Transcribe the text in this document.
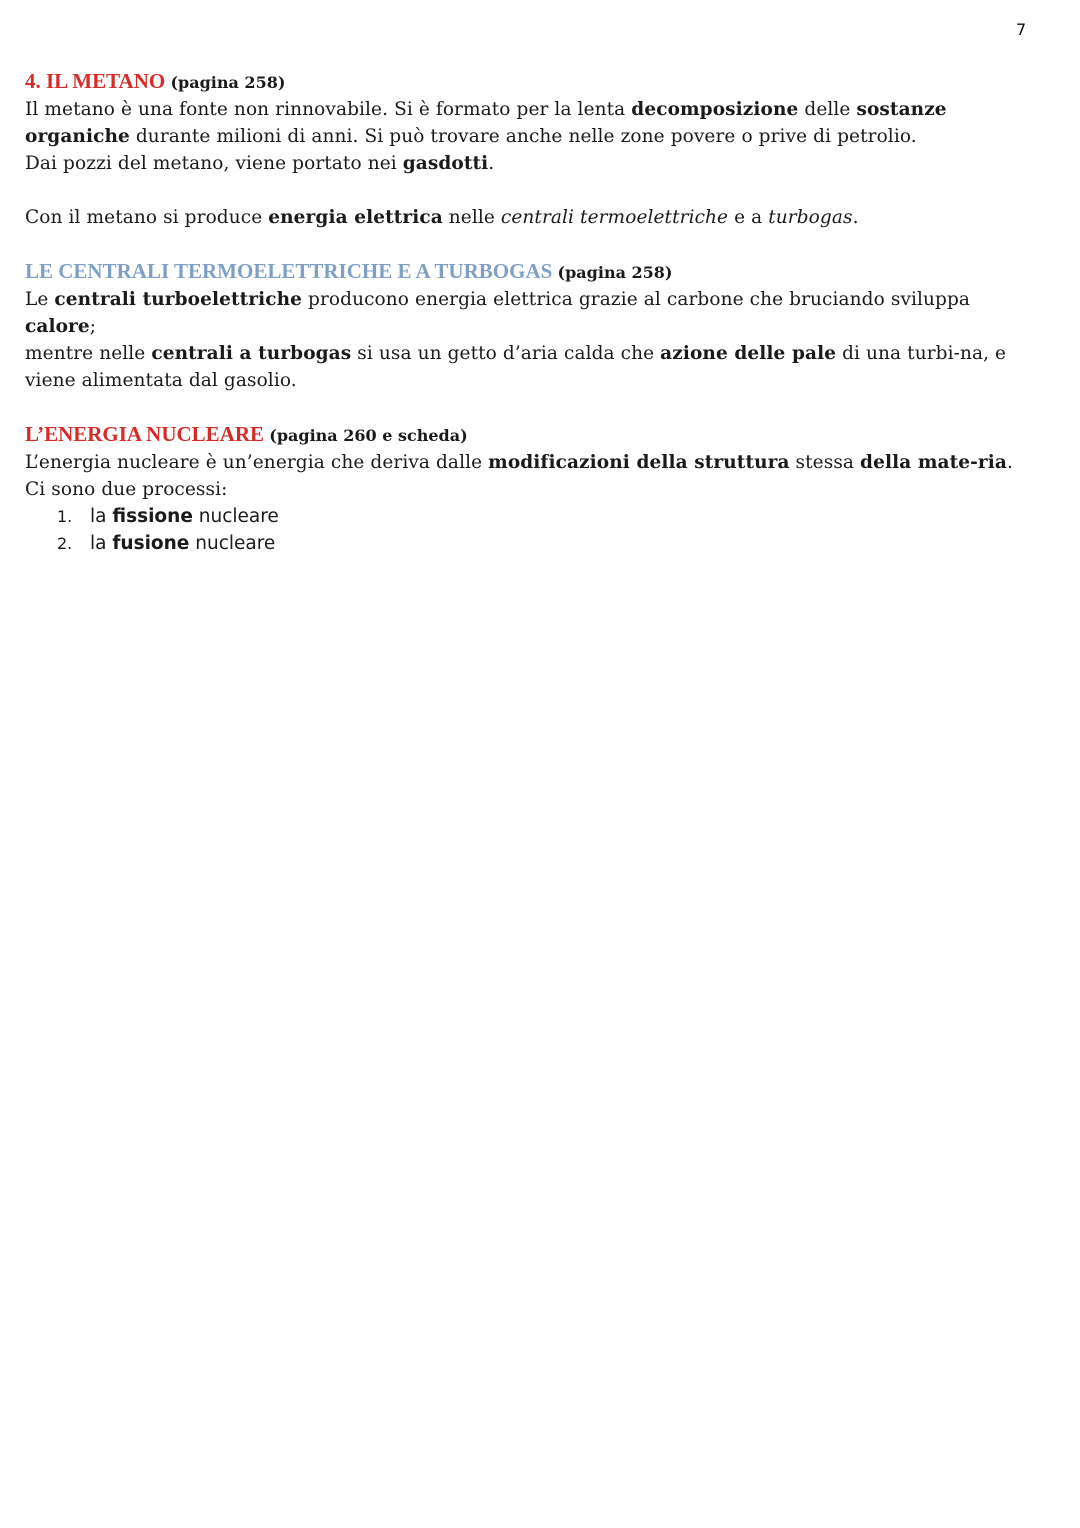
7
4. IL METANO (pagina 258)

Il metano è una fonte non rinnovabile. Si è formato per la lenta decomposizione delle sostanze organiche durante milioni di anni. Si può trovare anche nelle zone povere o prive di petrolio.

Dai pozzi del metano, viene portato nei gasdotti.

Con il metano si produce energia elettrica nelle centrali termoelettriche e a turbogas.

LE CENTRALI TERMOELETTRICHE E A TURBOGAS (pagina 258)

Le centrali turboelettriche producono energia elettrica grazie al carbone che bruciando sviluppa calore;

mentre nelle centrali a turbogas si usa un getto d’aria calda che azione delle pale di una turbi-na, e viene alimentata dal gasolio.

L’ENERGIA NUCLEARE (pagina 260 e scheda)

L’energia nucleare è un’energia che deriva dalle modificazioni della struttura stessa della mate-ria.

Ci sono due processi:

1. la fissione nucleare
2. la fusione nucleare
